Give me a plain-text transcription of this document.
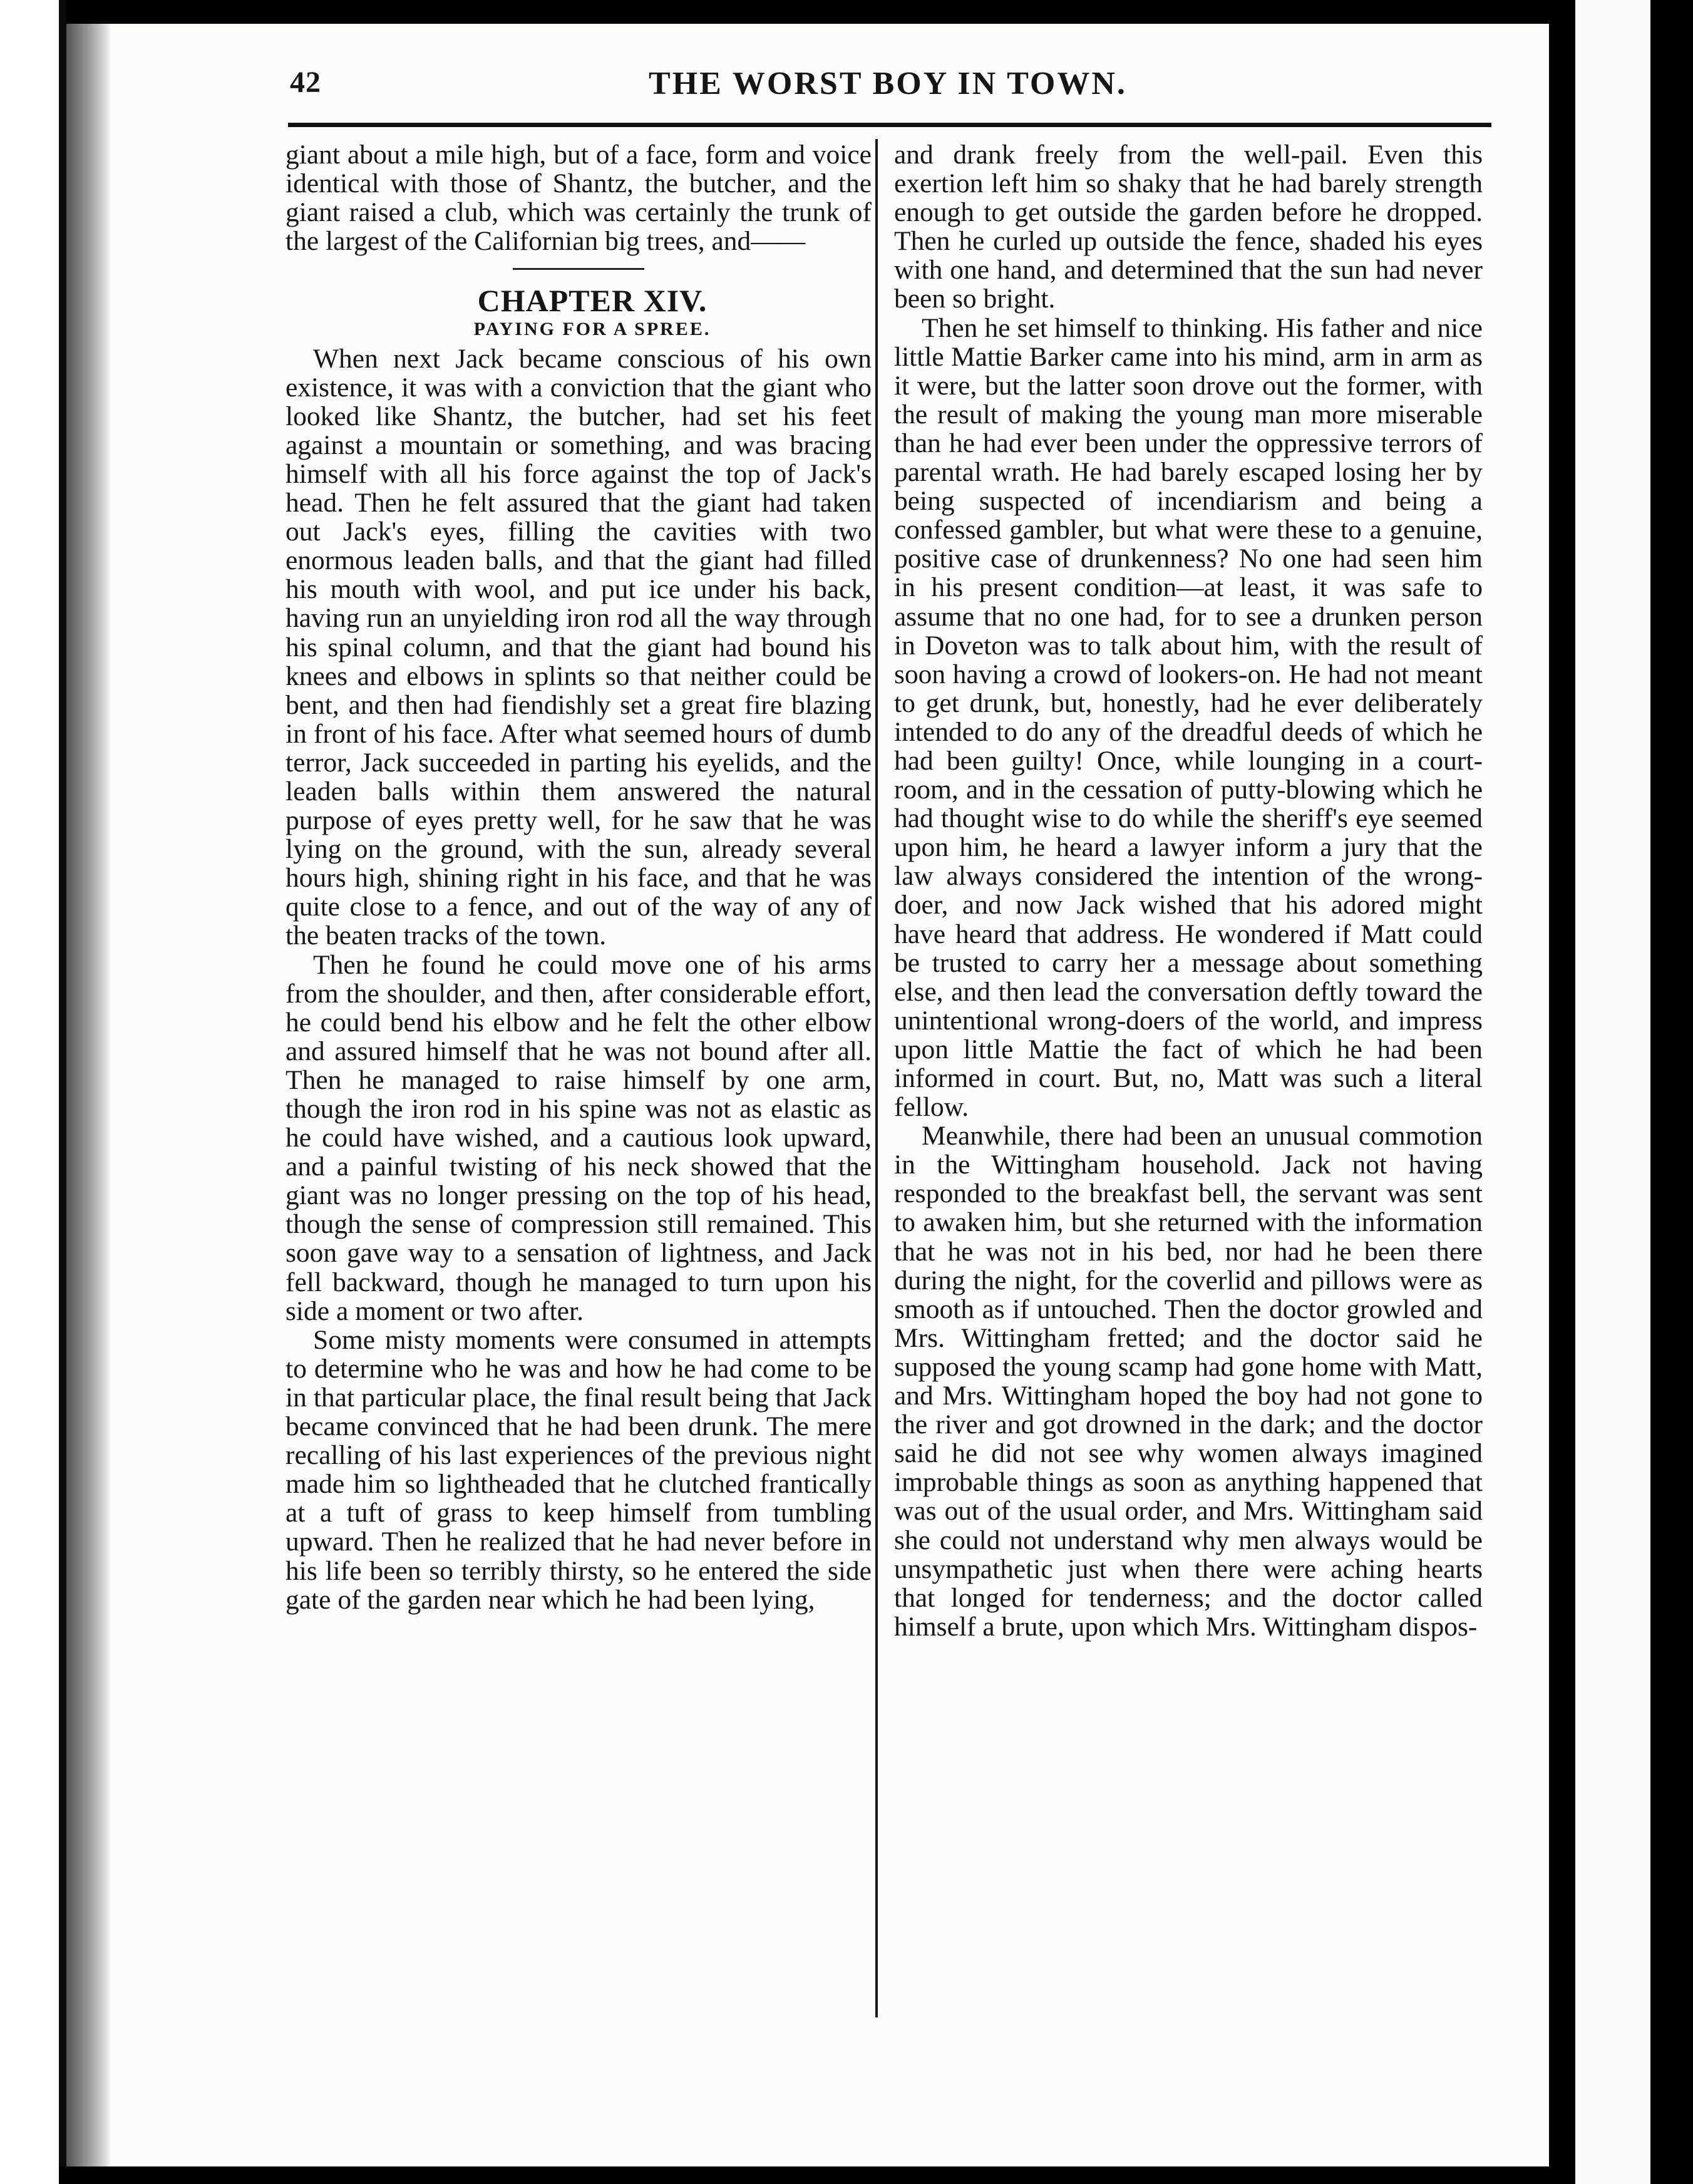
42	THE WORST BOY IN TOWN.

giant about a mile high, but of a face, form and voice identical with those of Shantz, the butcher, and the giant raised a club, which was certainly the trunk of the largest of the Californian big trees, and——

CHAPTER XIV.

PAYING FOR A SPREE.

When next Jack became conscious of his own existence, it was with a conviction that the giant who looked like Shantz, the butcher, had set his feet against a mountain or something, and was bracing himself with all his force against the top of Jack's head. Then he felt assured that the giant had taken out Jack's eyes, filling the cavities with two enormous leaden balls, and that the giant had filled his mouth with wool, and put ice under his back, having run an unyielding iron rod all the way through his spinal column, and that the giant had bound his knees and elbows in splints so that neither could be bent, and then had fiendishly set a great fire blazing in front of his face. After what seemed hours of dumb terror, Jack succeeded in parting his eyelids, and the leaden balls within them answered the natural purpose of eyes pretty well, for he saw that he was lying on the ground, with the sun, already several hours high, shining right in his face, and that he was quite close to a fence, and out of the way of any of the beaten tracks of the town.

Then he found he could move one of his arms from the shoulder, and then, after considerable effort, he could bend his elbow and he felt the other elbow and assured himself that he was not bound after all. Then he managed to raise himself by one arm, though the iron rod in his spine was not as elastic as he could have wished, and a cautious look upward, and a painful twisting of his neck showed that the giant was no longer pressing on the top of his head, though the sense of compression still remained. This soon gave way to a sensation of lightness, and Jack fell backward, though he managed to turn upon his side a moment or two after.

Some misty moments were consumed in attempts to determine who he was and how he had come to be in that particular place, the final result being that Jack became convinced that he had been drunk. The mere recalling of his last experiences of the previous night made him so lightheaded that he clutched frantically at a tuft of grass to keep himself from tumbling upward. Then he realized that he had never before in his life been so terribly thirsty, so he entered the side gate of the garden near which he had been lying,

and drank freely from the well-pail. Even this exertion left him so shaky that he had barely strength enough to get outside the garden before he dropped. Then he curled up outside the fence, shaded his eyes with one hand, and determined that the sun had never been so bright.

Then he set himself to thinking. His father and nice little Mattie Barker came into his mind, arm in arm as it were, but the latter soon drove out the former, with the result of making the young man more miserable than he had ever been under the oppressive terrors of parental wrath. He had barely escaped losing her by being suspected of incendiarism and being a confessed gambler, but what were these to a genuine, positive case of drunkenness? No one had seen him in his present condition—at least, it was safe to assume that no one had, for to see a drunken person in Doveton was to talk about him, with the result of soon having a crowd of lookers-on. He had not meant to get drunk, but, honestly, had he ever deliberately intended to do any of the dreadful deeds of which he had been guilty! Once, while lounging in a court-room, and in the cessation of putty-blowing which he had thought wise to do while the sheriff's eye seemed upon him, he heard a lawyer inform a jury that the law always considered the intention of the wrong-doer, and now Jack wished that his adored might have heard that address. He wondered if Matt could be trusted to carry her a message about something else, and then lead the conversation deftly toward the unintentional wrong-doers of the world, and impress upon little Mattie the fact of which he had been informed in court. But, no, Matt was such a literal fellow.

Meanwhile, there had been an unusual commotion in the Wittingham household. Jack not having responded to the breakfast bell, the servant was sent to awaken him, but she returned with the information that he was not in his bed, nor had he been there during the night, for the coverlid and pillows were as smooth as if untouched. Then the doctor growled and Mrs. Wittingham fretted; and the doctor said he supposed the young scamp had gone home with Matt, and Mrs. Wittingham hoped the boy had not gone to the river and got drowned in the dark; and the doctor said he did not see why women always imagined improbable things as soon as anything happened that was out of the usual order, and Mrs. Wittingham said she could not understand why men always would be unsympathetic just when there were aching hearts that longed for tenderness; and the doctor called himself a brute, upon which Mrs. Wittingham dispos-
